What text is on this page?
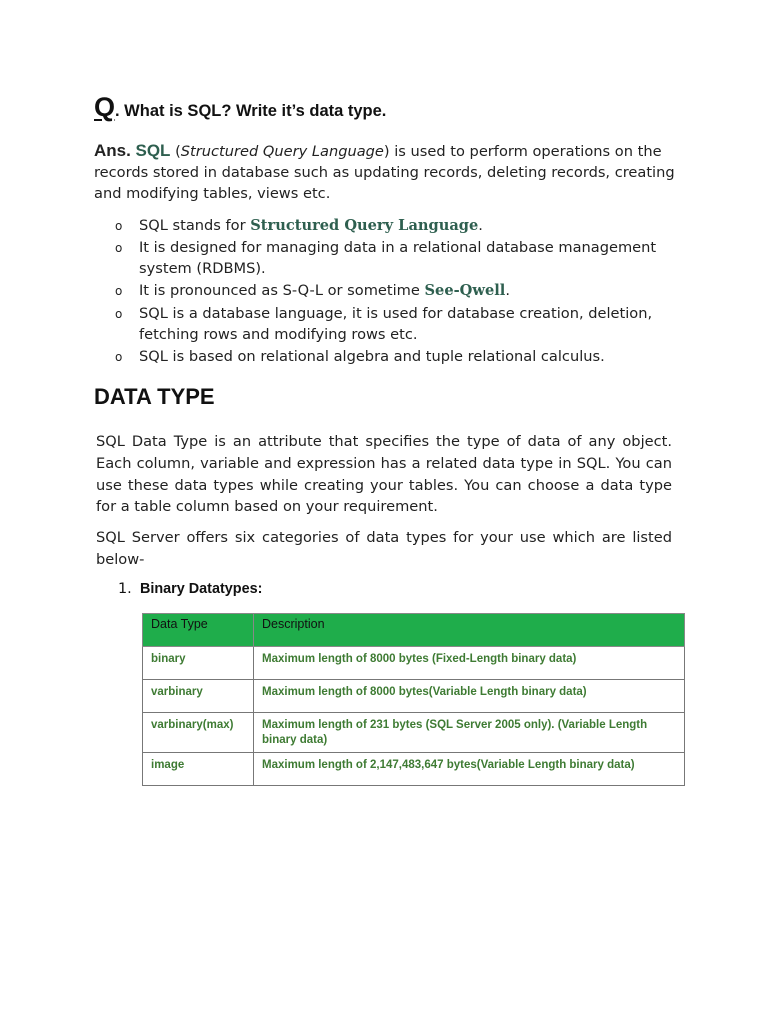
Q. What is SQL? Write it’s data type.
Ans. SQL (Structured Query Language) is used to perform operations on the records stored in database such as updating records, deleting records, creating and modifying tables, views etc.
o SQL stands for Structured Query Language.
o It is designed for managing data in a relational database management system (RDBMS).
o It is pronounced as S-Q-L or sometime See-Qwell.
o SQL is a database language, it is used for database creation, deletion, fetching rows and modifying rows etc.
o SQL is based on relational algebra and tuple relational calculus.
DATA TYPE
SQL Data Type is an attribute that specifies the type of data of any object. Each column, variable and expression has a related data type in SQL. You can use these data types while creating your tables. You can choose a data type for a table column based on your requirement.
SQL Server offers six categories of data types for your use which are listed below-
1. Binary Datatypes:
Data Type	Description
binary	Maximum length of 8000 bytes (Fixed-Length binary data)
varbinary	Maximum length of 8000 bytes(Variable Length binary data)
varbinary(max)	Maximum length of 231 bytes (SQL Server 2005 only). (Variable Length binary data)
image	Maximum length of 2,147,483,647 bytes(Variable Length binary data)
